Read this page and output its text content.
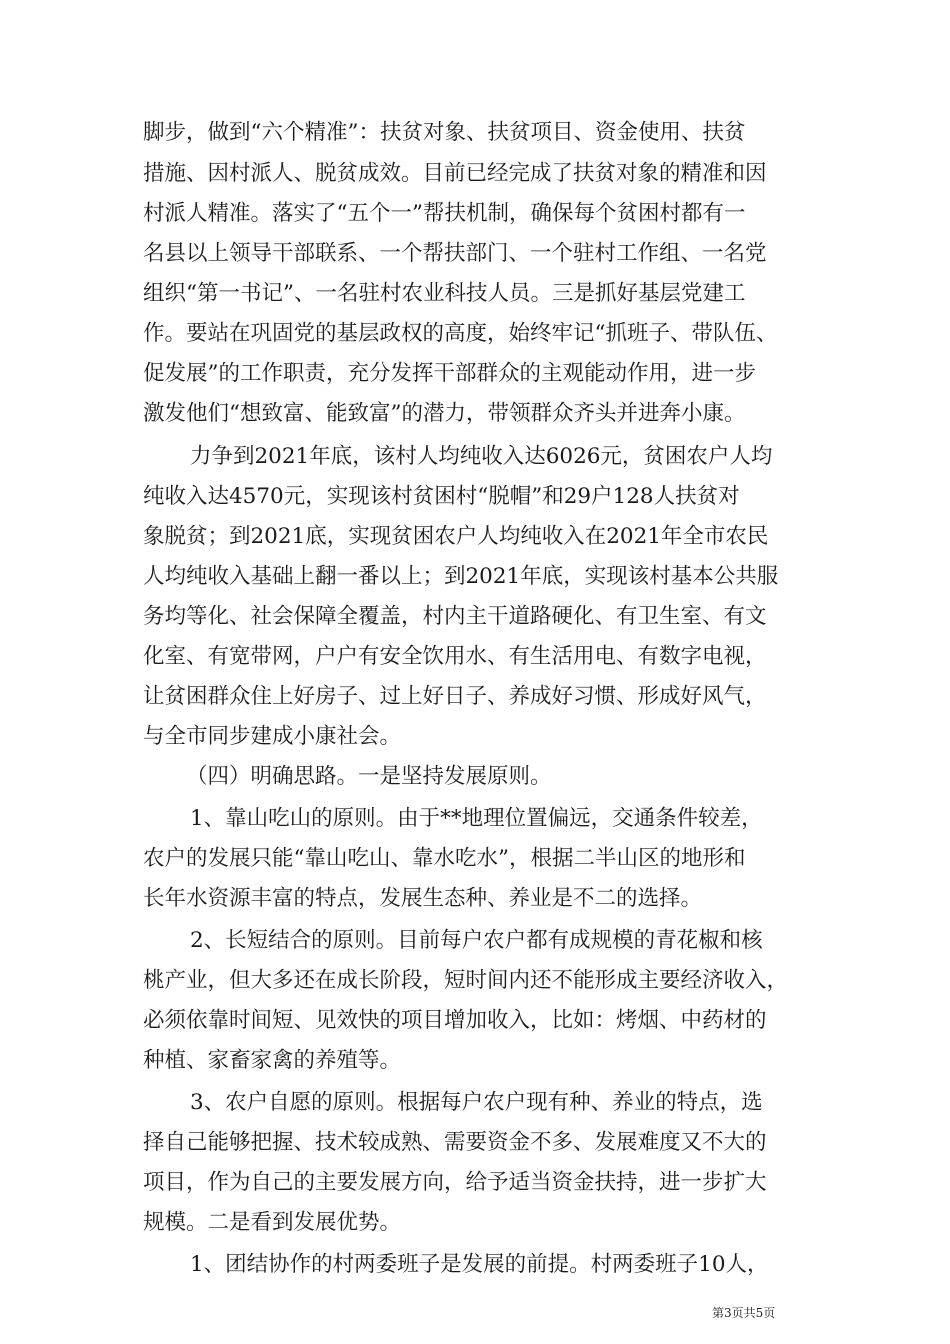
脚步，做到“六个精准”：扶贫对象、扶贫项目、资金使用、扶贫
措施、因村派人、脱贫成效。目前已经完成了扶贫对象的精准和因
村派人精准。落实了“五个一”帮扶机制，确保每个贫困村都有一
名县以上领导干部联系、一个帮扶部门、一个驻村工作组、一名党
组织“第一书记”、一名驻村农业科技人员。三是抓好基层党建工
作。要站在巩固党的基层政权的高度，始终牢记“抓班子、带队伍、
促发展”的工作职责，充分发挥干部群众的主观能动作用，进一步
激发他们“想致富、能致富”的潜力，带领群众齐头并进奔小康。
力争到2021年底，该村人均纯收入达6026元，贫困农户人均
纯收入达4570元，实现该村贫困村“脱帽”和29户128人扶贫对
象脱贫；到2021底，实现贫困农户人均纯收入在2021年全市农民
人均纯收入基础上翻一番以上；到2021年底，实现该村基本公共服
务均等化、社会保障全覆盖，村内主干道路硬化、有卫生室、有文
化室、有宽带网，户户有安全饮用水、有生活用电、有数字电视，
让贫困群众住上好房子、过上好日子、养成好习惯、形成好风气，
与全市同步建成小康社会。
（四）明确思路。一是坚持发展原则。
1、靠山吃山的原则。由于**地理位置偏远，交通条件较差，
农户的发展只能“靠山吃山、靠水吃水”，根据二半山区的地形和
长年水资源丰富的特点，发展生态种、养业是不二的选择。
2、长短结合的原则。目前每户农户都有成规模的青花椒和核
桃产业，但大多还在成长阶段，短时间内还不能形成主要经济收入，
必须依靠时间短、见效快的项目增加收入，比如：烤烟、中药材的
种植、家畜家禽的养殖等。
3、农户自愿的原则。根据每户农户现有种、养业的特点，选
择自己能够把握、技术较成熟、需要资金不多、发展难度又不大的
项目，作为自己的主要发展方向，给予适当资金扶持，进一步扩大
规模。二是看到发展优势。
1、团结协作的村两委班子是发展的前提。村两委班子10人，
第3页共5页
